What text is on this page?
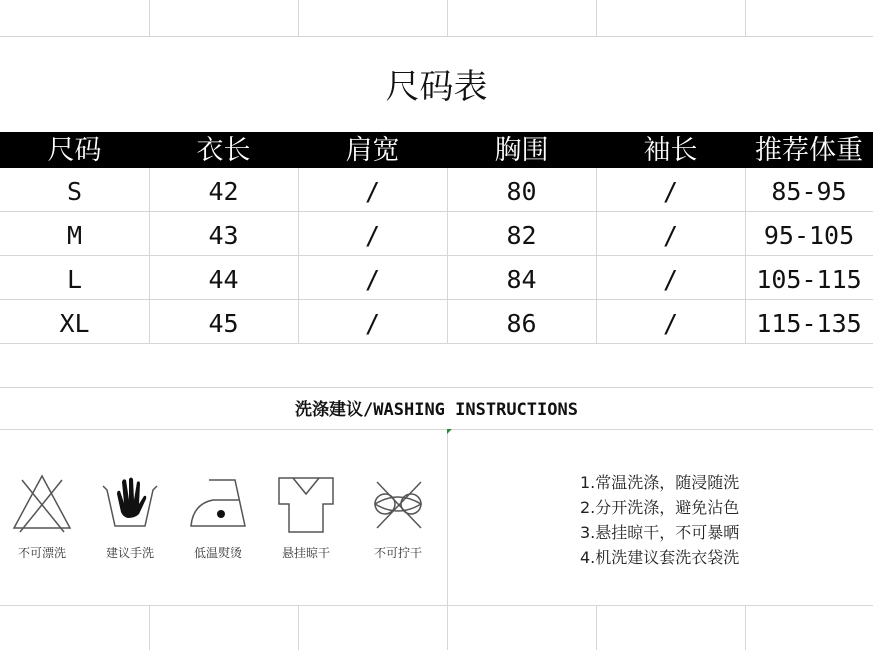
尺码表
尺码	衣长	肩宽	胸围	袖长	推荐体重
S	42	/	80	/	85-95
M	43	/	82	/	95-105
L	44	/	84	/	105-115
XL	45	/	86	/	115-135
洗涤建议/WASHING INSTRUCTIONS
不可漂洗	建议手洗	低温熨烫	悬挂晾干	不可拧干
1.常温洗涤，随浸随洗
2.分开洗涤，避免沾色
3.悬挂晾干，不可暴晒
4.机洗建议套洗衣袋洗
